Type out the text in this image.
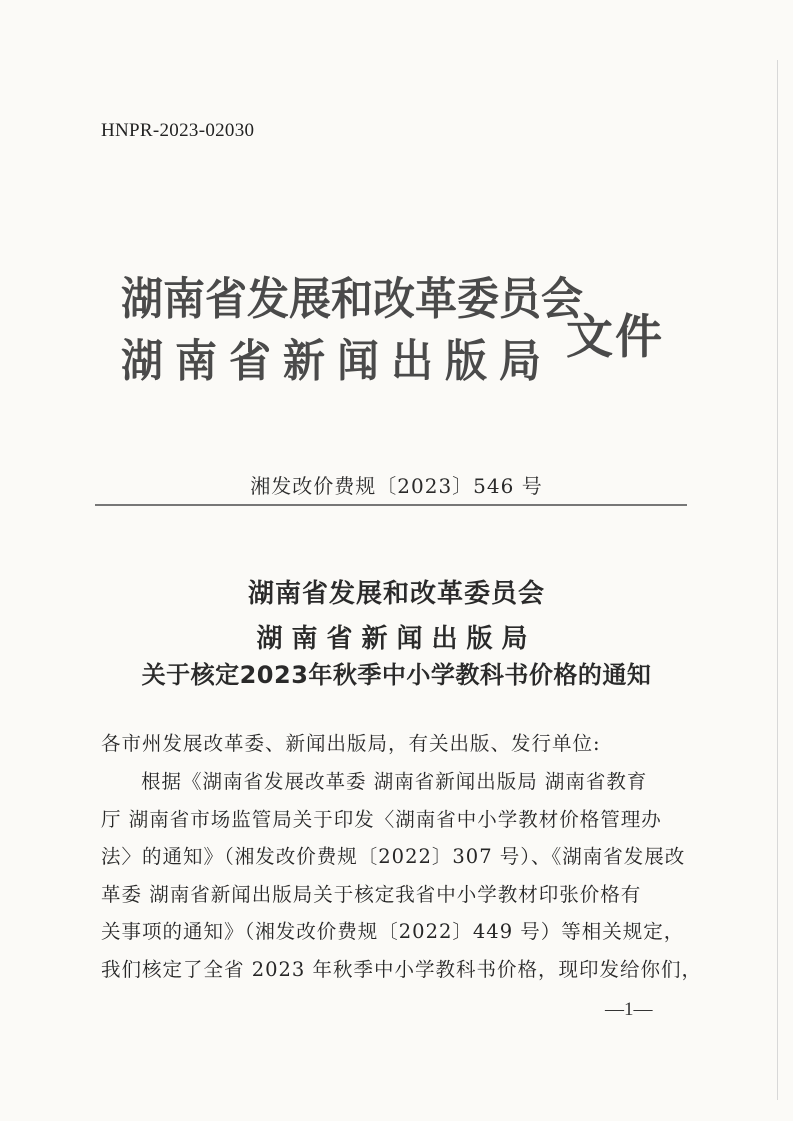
HNPR-2023-02030
湖南省发展和改革委员会
湖南省新闻出版局 文件
湘发改价费规〔2023〕546 号
湖南省发展和改革委员会
湖南省新闻出版局
关于核定2023年秋季中小学教科书价格的通知
各市州发展改革委、新闻出版局，有关出版、发行单位:
根据《湖南省发展改革委 湖南省新闻出版局 湖南省教育
厅 湖南省市场监管局关于印发〈湖南省中小学教材价格管理办
法〉的通知》（湘发改价费规〔2022〕307 号）、《湖南省发展改
革委 湖南省新闻出版局关于核定我省中小学教材印张价格有
关事项的通知》（湘发改价费规〔2022〕449 号）等相关规定，
我们核定了全省 2023 年秋季中小学教科书价格，现印发给你们，
—1—
